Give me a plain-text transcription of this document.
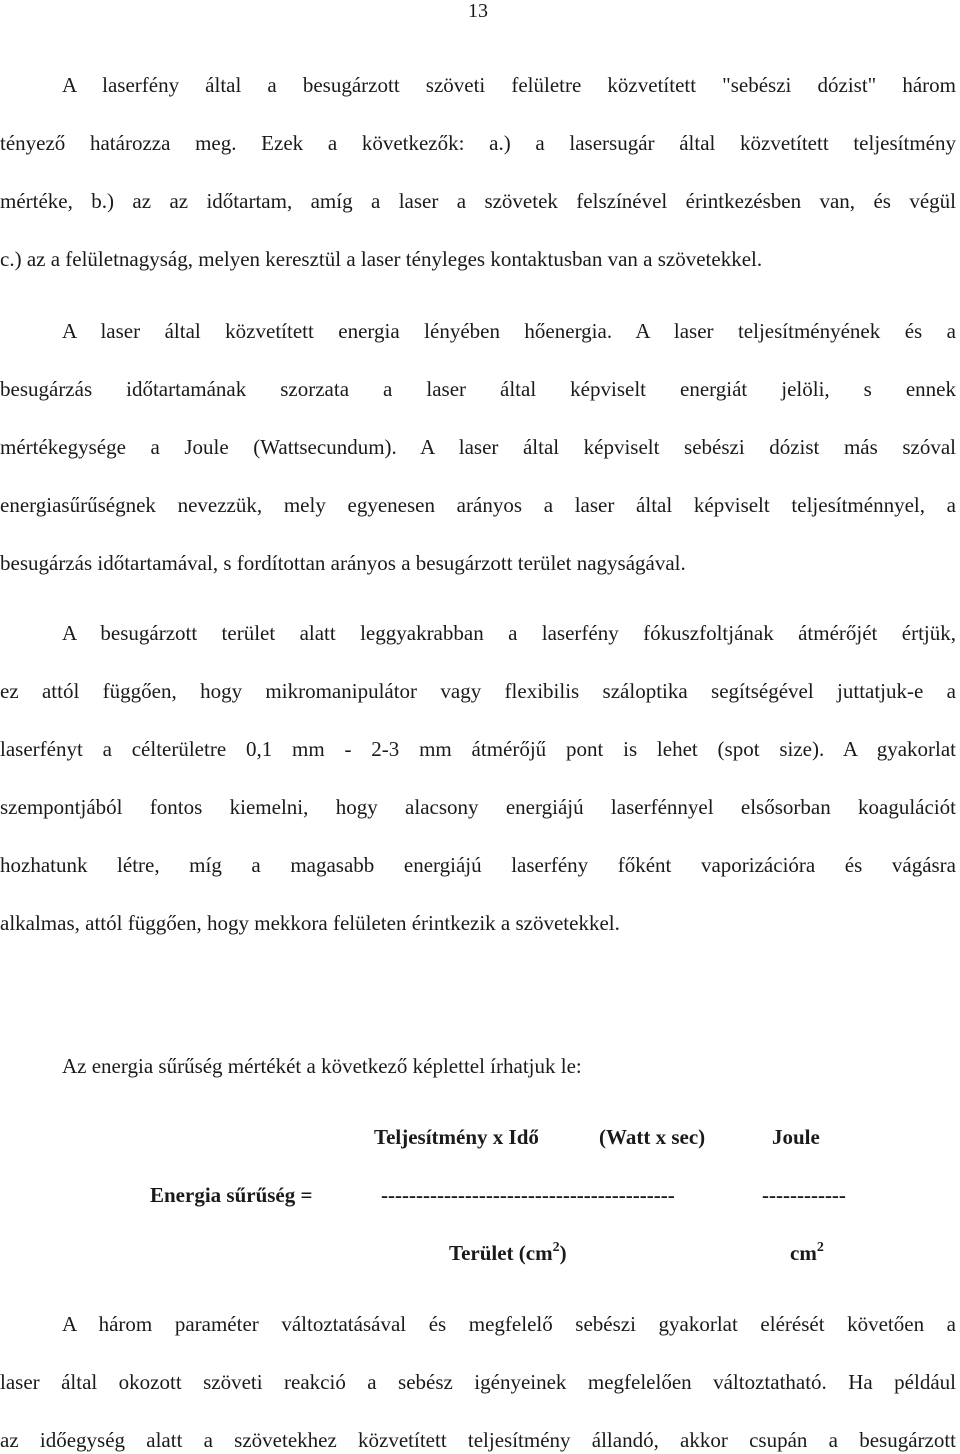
13
A laserfény által a besugárzott szöveti felületre közvetített "sebészi dózist" három
tényező határozza meg. Ezek a következők: a.) a lasersugár által közvetített teljesítmény
mértéke, b.) az az időtartam, amíg a laser a szövetek felszínével érintkezésben van, és végül
c.) az a felületnagyság, melyen keresztül a laser tényleges kontaktusban van a szövetekkel.
A laser által közvetített energia lényében hőenergia. A laser teljesítményének és a
besugárzás időtartamának szorzata a laser által képviselt energiát jelöli, s ennek
mértékegysége a Joule (Wattsecundum). A laser által képviselt sebészi dózist más szóval
energiasűrűségnek nevezzük, mely egyenesen arányos a laser által képviselt teljesítménnyel, a
besugárzás időtartamával, s fordítottan arányos a besugárzott terület nagyságával.
A besugárzott terület alatt leggyakrabban a laserfény fókuszfoltjának átmérőjét értjük,
ez attól függően, hogy mikromanipulátor vagy flexibilis száloptika segítségével juttatjuk-e a
laserfényt a célterületre 0,1 mm - 2-3 mm átmérőjű pont is lehet (spot size). A gyakorlat
szempontjából fontos kiemelni, hogy alacsony energiájú laserfénnyel elsősorban koagulációt
hozhatunk létre, míg a magasabb energiájú laserfény főként vaporizációra és vágásra
alkalmas, attól függően, hogy mekkora felületen érintkezik a szövetekkel.
Az energia sűrűség mértékét a következő képlettel írhatjuk le:
Teljesítmény x Idő	(Watt x sec)	Joule
Energia sűrűség =	------------------------------------------	------------
Terület $(cm^2)$	$cm^2$
A három paraméter változtatásával és megfelelő sebészi gyakorlat elérését követően a
laser által okozott szöveti reakció a sebész igényeinek megfelelően változtatható. Ha például
az időegység alatt a szövetekhez közvetített teljesítmény állandó, akkor csupán a besugárzott
